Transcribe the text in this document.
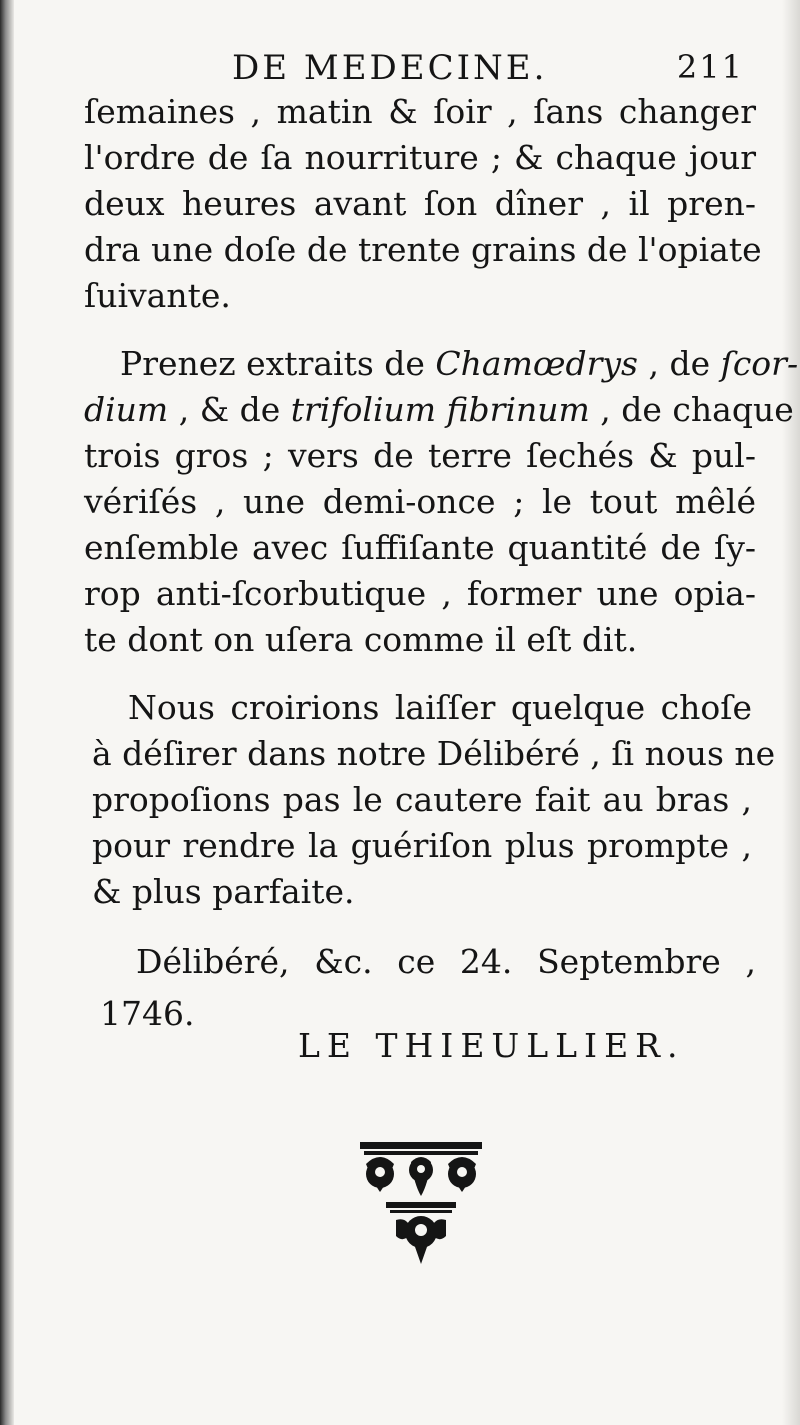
DE MEDECINE.	211
ſemaines , matin & ſoir , ſans changer
l'ordre de ſa nourriture ; & chaque jour
deux heures avant ſon dîner , il pren-
dra une doſe de trente grains de l'opiate
ſuivante.
Prenez extraits de Chamœdrys , de ſcor-
dium , & de trifolium fibrinum , de chaque
trois gros ; vers de terre ſechés & pul-
vériſés , une demi-once ; le tout mêlé
enſemble avec ſuffiſante quantité de ſy-
rop anti-ſcorbutique , former une opia-
te dont on uſera comme il eſt dit.
Nous croirions laiſſer quelque choſe
à déſirer dans notre Délibéré , ſi nous ne
propoſions pas le cautere fait au bras ,
pour rendre la guériſon plus prompte ,
& plus parfaite.
Délibéré, &c. ce 24. Septembre ,
1746.
LE THIEULLIER.
